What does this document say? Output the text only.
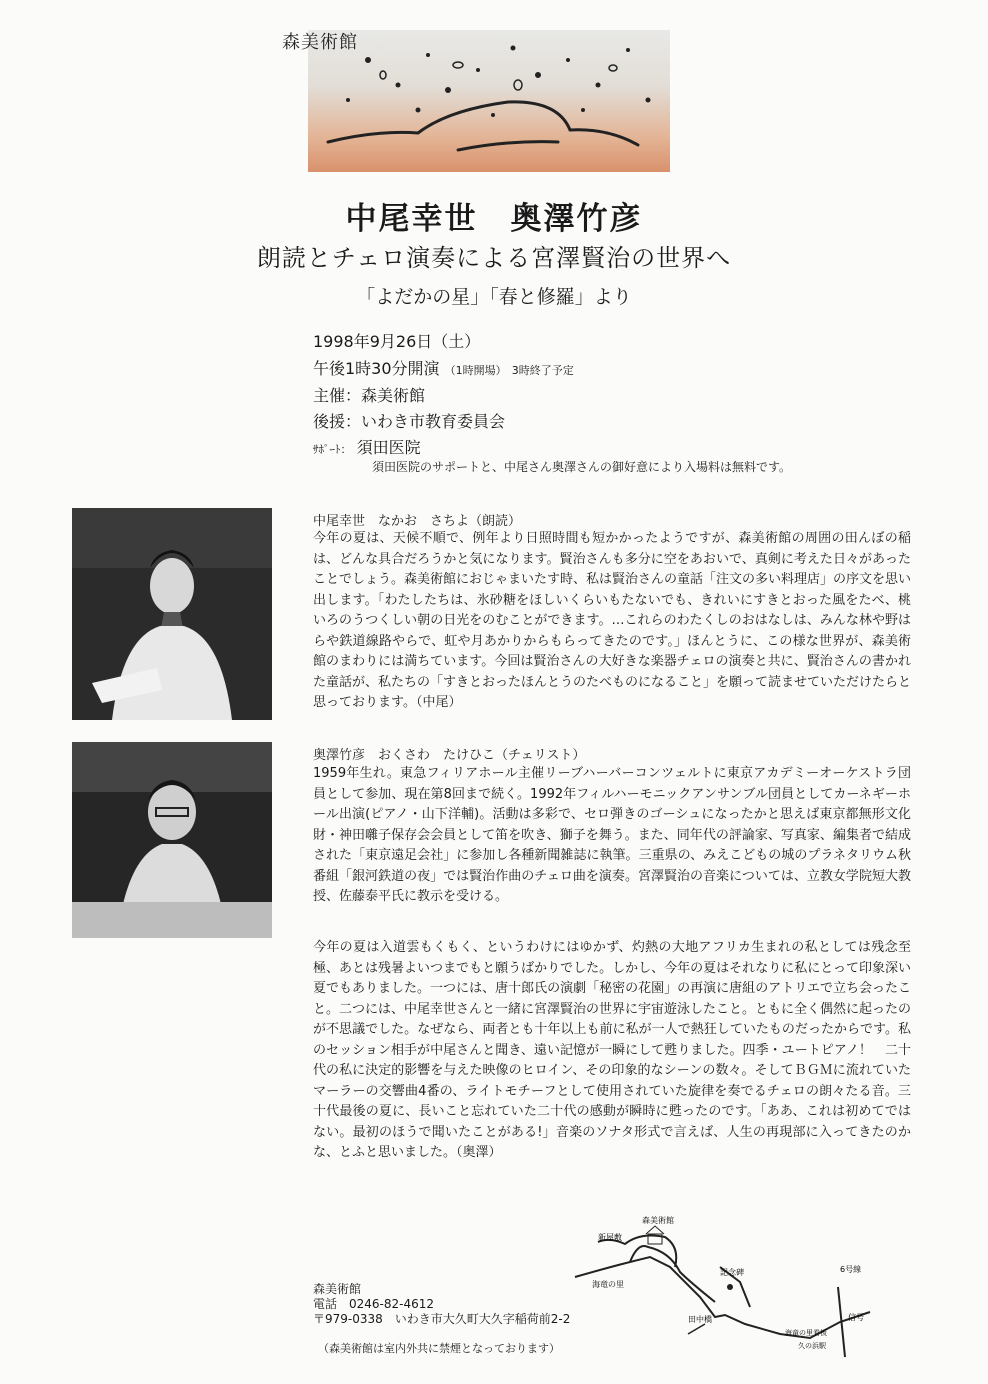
森美術館
中尾幸世　奥澤竹彦
朗読とチェロ演奏による宮澤賢治の世界へ
「よだかの星」「春と修羅」より
1998年9月26日（土）
午後1時30分開演 （1時開場） 3時終了予定
主催：森美術館
後援：いわき市教育委員会
ｻﾎﾟｰﾄ： 須田医院
須田医院のサポートと、中尾さん奥澤さんの御好意により入場料は無料です。
中尾幸世　なかお　さちよ（朗読）
今年の夏は、天候不順で、例年より日照時間も短かかったようですが、森美術館の周囲の田んぼの稲は、どんな具合だろうかと気になります。賢治さんも多分に空をあおいで、真剣に考えた日々があったことでしょう。森美術館におじゃまいたす時、私は賢治さんの童話「注文の多い料理店」の序文を思い出します。「わたしたちは、氷砂糖をほしいくらいもたないでも、きれいにすきとおった風をたべ、桃いろのうつくしい朝の日光をのむことができます。…これらのわたくしのおはなしは、みんな林や野はらや鉄道線路やらで、虹や月あかりからもらってきたのです。」ほんとうに、この様な世界が、森美術館のまわりには満ちています。今回は賢治さんの大好きな楽器チェロの演奏と共に、賢治さんの書かれた童話が、私たちの「すきとおったほんとうのたべものになること」を願って読ませていただけたらと思っております。（中尾）
奥澤竹彦　おくさわ　たけひこ（チェリスト）
1959年生れ。東急フィリアホール主催リーブハーバーコンツェルトに東京アカデミーオーケストラ団員として参加、現在第8回まで続く。1992年フィルハーモニックアンサンブル団員としてカーネギーホール出演(ピアノ・山下洋輔)。活動は多彩で、セロ弾きのゴーシュになったかと思えば東京都無形文化財・神田囃子保存会会員として笛を吹き、獅子を舞う。また、同年代の評論家、写真家、編集者で結成された「東京遠足会社」に参加し各種新聞雑誌に執筆。三重県の、みえこどもの城のプラネタリウム秋番組「銀河鉄道の夜」では賢治作曲のチェロ曲を演奏。宮澤賢治の音楽については、立教女学院短大教授、佐藤泰平氏に教示を受ける。
今年の夏は入道雲もくもく、というわけにはゆかず、灼熱の大地アフリカ生まれの私としては残念至極、あとは残暑よいつまでもと願うばかりでした。しかし、今年の夏はそれなりに私にとって印象深い夏でもありました。一つには、唐十郎氏の演劇「秘密の花園」の再演に唐組のアトリエで立ち会ったこと。二つには、中尾幸世さんと一緒に宮澤賢治の世界に宇宙遊泳したこと。ともに全く偶然に起ったのが不思議でした。なぜなら、両者とも十年以上も前に私が一人で熱狂していたものだったからです。私のセッション相手が中尾さんと聞き、遠い記憶が一瞬にして甦りました。四季・ユートピアノ！　二十代の私に決定的影響を与えた映像のヒロイン、その印象的なシーンの数々。そしてＢＧＭに流れていたマーラーの交響曲4番の、ライトモチーフとして使用されていた旋律を奏でるチェロの朗々たる音。三十代最後の夏に、長いこと忘れていた二十代の感動が瞬時に甦ったのです。「ああ、これは初めてではない。最初のほうで聞いたことがある!」音楽のソナタ形式で言えば、人生の再現部に入ってきたのかな、とふと思いました。（奥澤）
森美術館
電話　0246-82-4612
〒979-0338　いわき市大久町大久字稲荷前2-2
（森美術館は室内外共に禁煙となっております）
森美術館
新屋敷
海竜の里
記念碑	6号線
田中橋
海竜の里看板
信号
久の浜駅
